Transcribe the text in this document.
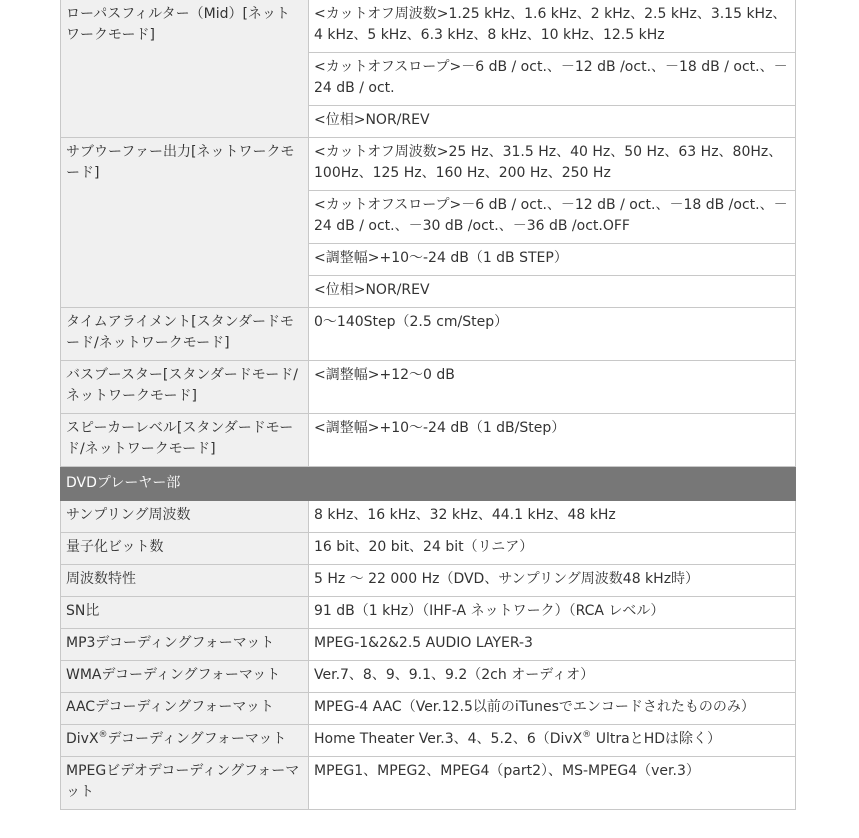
ローパスフィルター（Mid）[ネットワークモード]	<カットオフ周波数>1.25 kHz、1.6 kHz、2 kHz、2.5 kHz、3.15 kHz、4 kHz、5 kHz、6.3 kHz、8 kHz、10 kHz、12.5 kHz
	<カットオフスロープ>－6 dB / oct.、－12 dB /oct.、－18 dB / oct.、－24 dB / oct.
	<位相>NOR/REV
サブウーファー出力[ネットワークモード]	<カットオフ周波数>25 Hz、31.5 Hz、40 Hz、50 Hz、63 Hz、80Hz、100Hz、125 Hz、160 Hz、200 Hz、250 Hz
	<カットオフスロープ>－6 dB / oct.、－12 dB / oct.、－18 dB /oct.、－24 dB / oct.、－30 dB /oct.、－36 dB /oct.OFF
	<調整幅>+10～-24 dB（1 dB STEP）
	<位相>NOR/REV
タイムアライメント[スタンダードモード/ネットワークモード]	0～140Step（2.5 cm/Step）
バスブースター[スタンダードモード/ネットワークモード]	<調整幅>+12～0 dB
スピーカーレベル[スタンダードモード/ネットワークモード]	<調整幅>+10～-24 dB（1 dB/Step）
DVDプレーヤー部	
サンプリング周波数	8 kHz、16 kHz、32 kHz、44.1 kHz、48 kHz
量子化ビット数	16 bit、20 bit、24 bit（リニア）
周波数特性	5 Hz ～ 22 000 Hz（DVD、サンプリング周波数48 kHz時）
SN比	91 dB（1 kHz）（IHF-A ネットワーク）（RCA レベル）
MP3デコーディングフォーマット	MPEG-1&2&2.5 AUDIO LAYER-3
WMAデコーディングフォーマット	Ver.7、8、9、9.1、9.2（2ch オーディオ）
AACデコーディングフォーマット	MPEG-4 AAC（Ver.12.5以前のiTunesでエンコードされたもののみ）
DivX®デコーディングフォーマット	Home Theater Ver.3、4、5.2、6（DivX® UltraとHDは除く）
MPEGビデオデコーディングフォーマット	MPEG1、MPEG2、MPEG4（part2）、MS-MPEG4（ver.3）
